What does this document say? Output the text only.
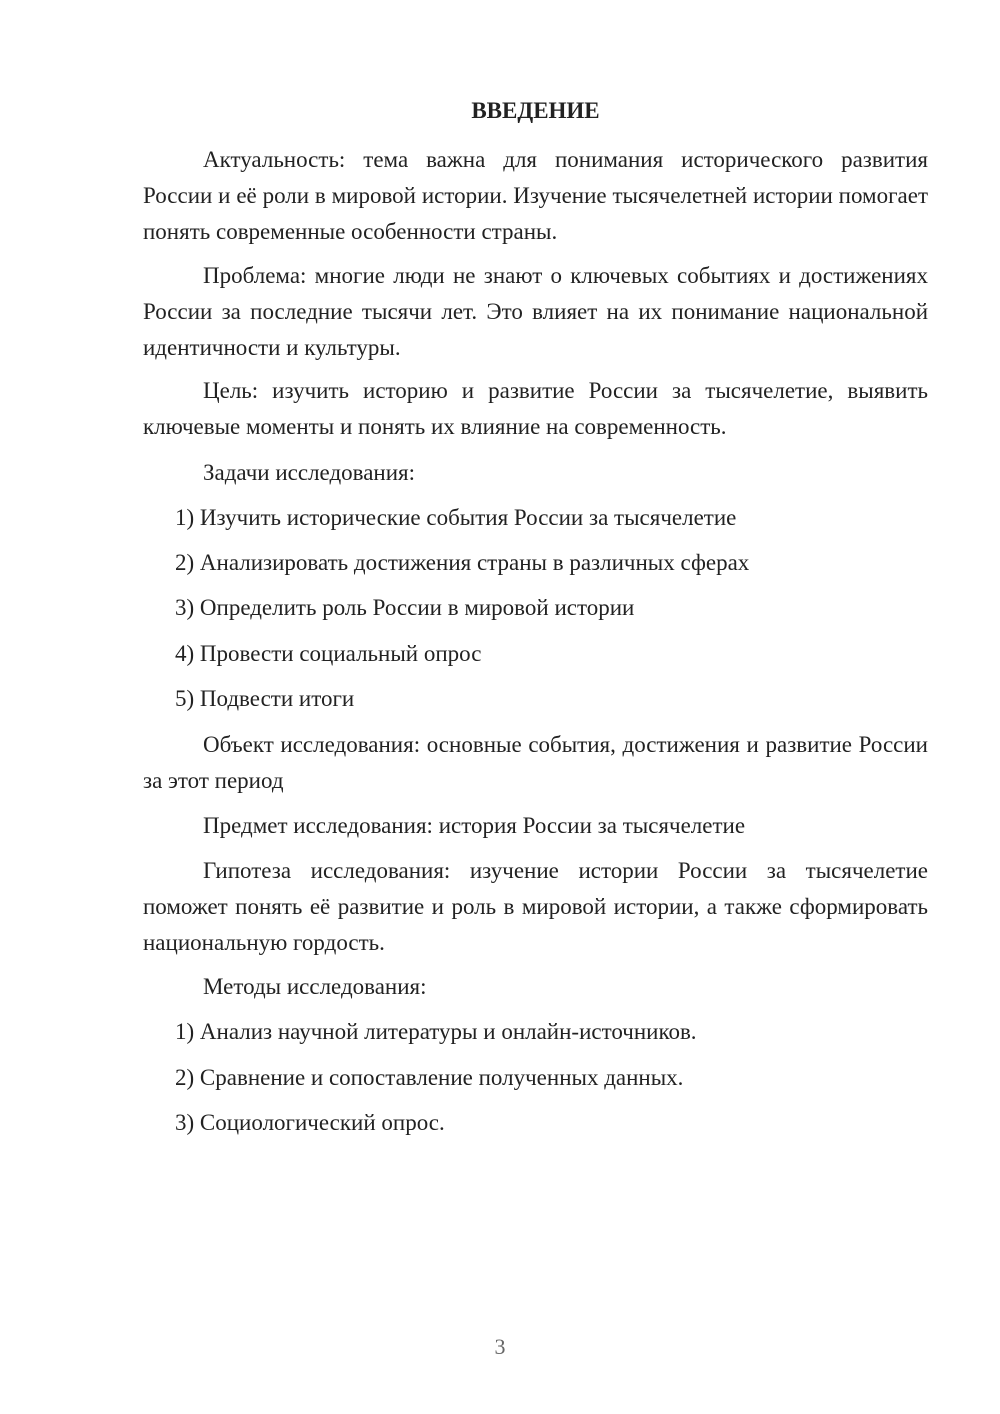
ВВЕДЕНИЕ

Актуальность: тема важна для понимания исторического развития России и её роли в мировой истории. Изучение тысячелетней истории помогает понять современные особенности страны.

Проблема: многие люди не знают о ключевых событиях и достижениях России за последние тысячи лет. Это влияет на их понимание национальной идентичности и культуры.

Цель: изучить историю и развитие России за тысячелетие, выявить ключевые моменты и понять их влияние на современность.

Задачи исследования:
1) Изучить исторические события России за тысячелетие
2) Анализировать достижения страны в различных сферах
3) Определить роль России в мировой истории
4) Провести социальный опрос
5) Подвести итоги

Объект исследования: основные события, достижения и развитие России за этот период

Предмет исследования: история России за тысячелетие

Гипотеза исследования: изучение истории России за тысячелетие поможет понять её развитие и роль в мировой истории, а также сформировать национальную гордость.

Методы исследования:
1) Анализ научной литературы и онлайн-источников.
2) Сравнение и сопоставление полученных данных.
3) Социологический опрос.
3
